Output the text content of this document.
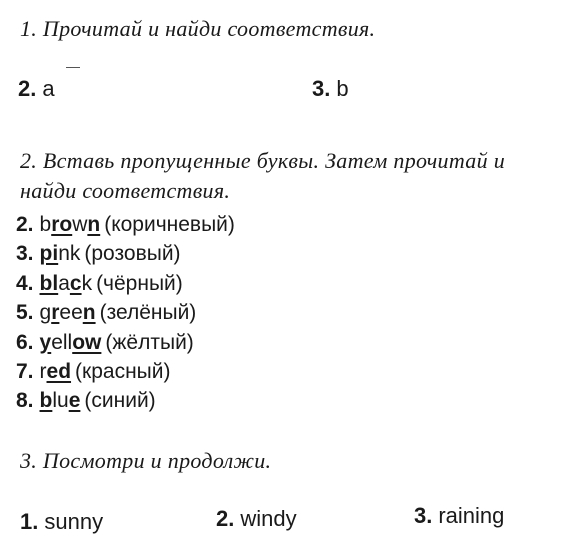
1. Прочитай и найди соответствия.
2. a	3. b
2. Вставь пропущенные буквы. Затем прочитай и найди соответствия.
2. brown (коричневый)
3. pink (розовый)
4. black (чёрный)
5. green (зелёный)
6. yellow (жёлтый)
7. red (красный)
8. blue (синий)
3. Посмотри и продолжи.
1. sunny	2. windy	3. raining
